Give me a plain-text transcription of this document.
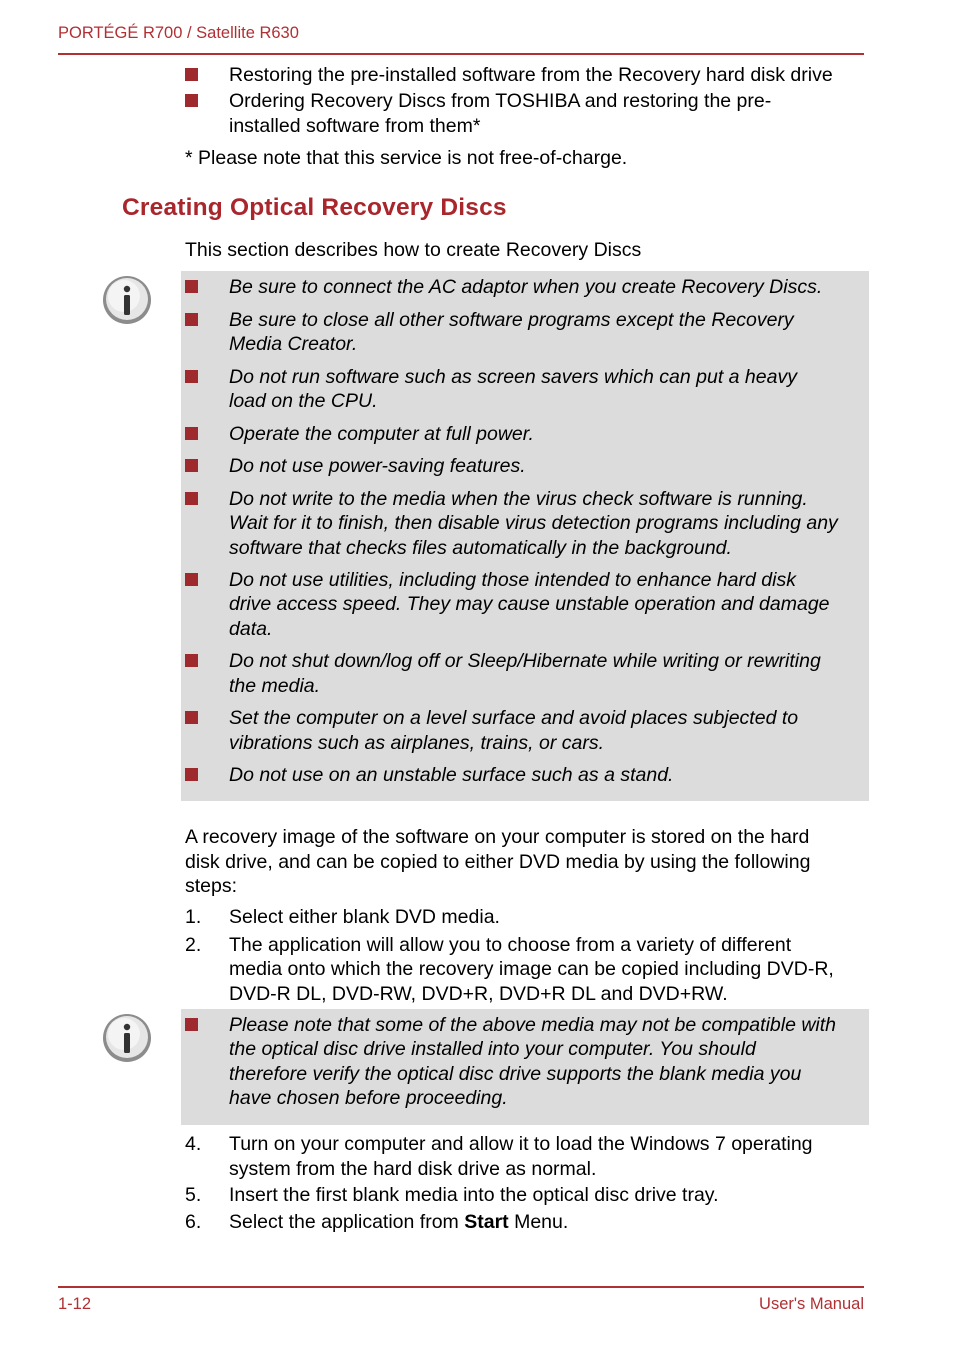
PORTÉGÉ R700 / Satellite R630
Restoring the pre-installed software from the Recovery hard disk drive
Ordering Recovery Discs from TOSHIBA and restoring the pre-
installed software from them*
* Please note that this service is not free-of-charge.
Creating Optical Recovery Discs
This section describes how to create Recovery Discs
Be sure to connect the AC adaptor when you create Recovery Discs.
Be sure to close all other software programs except the Recovery
Media Creator.
Do not run software such as screen savers which can put a heavy
load on the CPU.
Operate the computer at full power.
Do not use power-saving features.
Do not write to the media when the virus check software is running.
Wait for it to finish, then disable virus detection programs including any
software that checks files automatically in the background.
Do not use utilities, including those intended to enhance hard disk
drive access speed. They may cause unstable operation and damage
data.
Do not shut down/log off or Sleep/Hibernate while writing or rewriting
the media.
Set the computer on a level surface and avoid places subjected to
vibrations such as airplanes, trains, or cars.
Do not use on an unstable surface such as a stand.
A recovery image of the software on your computer is stored on the hard
disk drive, and can be copied to either DVD media by using the following
steps:
1. Select either blank DVD media.
2. The application will allow you to choose from a variety of different
media onto which the recovery image can be copied including DVD-R,
DVD-R DL, DVD-RW, DVD+R, DVD+R DL and DVD+RW.
Please note that some of the above media may not be compatible with
the optical disc drive installed into your computer. You should
therefore verify the optical disc drive supports the blank media you
have chosen before proceeding.
4. Turn on your computer and allow it to load the Windows 7 operating
system from the hard disk drive as normal.
5. Insert the first blank media into the optical disc drive tray.
6. Select the application from Start Menu.
1-12	User's Manual
